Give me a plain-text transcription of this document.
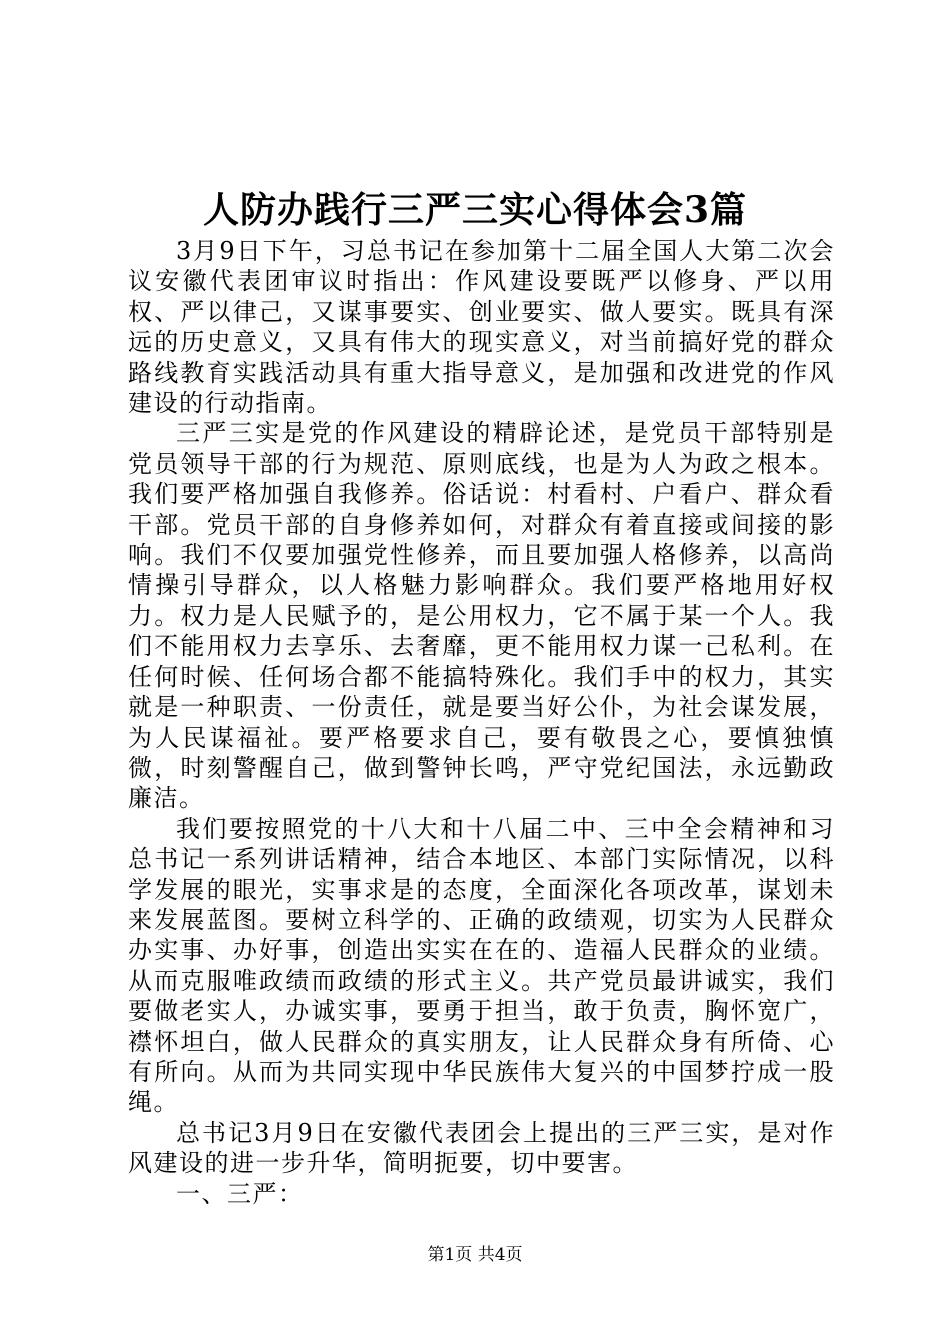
人防办践行三严三实心得体会3篇

3月9日下午，习总书记在参加第十二届全国人大第二次会议安徽代表团审议时指出：作风建设要既严以修身、严以用权、严以律己，又谋事要实、创业要实、做人要实。既具有深远的历史意义，又具有伟大的现实意义，对当前搞好党的群众路线教育实践活动具有重大指导意义，是加强和改进党的作风建设的行动指南。

三严三实是党的作风建设的精辟论述，是党员干部特别是党员领导干部的行为规范、原则底线，也是为人为政之根本。我们要严格加强自我修养。俗话说：村看村、户看户、群众看干部。党员干部的自身修养如何，对群众有着直接或间接的影响。我们不仅要加强党性修养，而且要加强人格修养，以高尚情操引导群众，以人格魅力影响群众。我们要严格地用好权力。权力是人民赋予的，是公用权力，它不属于某一个人。我们不能用权力去享乐、去奢靡，更不能用权力谋一己私利。在任何时候、任何场合都不能搞特殊化。我们手中的权力，其实就是一种职责、一份责任，就是要当好公仆，为社会谋发展，为人民谋福祉。要严格要求自己，要有敬畏之心，要慎独慎微，时刻警醒自己，做到警钟长鸣，严守党纪国法，永远勤政廉洁。

我们要按照党的十八大和十八届二中、三中全会精神和习总书记一系列讲话精神，结合本地区、本部门实际情况，以科学发展的眼光，实事求是的态度，全面深化各项改革，谋划未来发展蓝图。要树立科学的、正确的政绩观，切实为人民群众办实事、办好事，创造出实实在在的、造福人民群众的业绩。从而克服唯政绩而政绩的形式主义。共产党员最讲诚实，我们要做老实人，办诚实事，要勇于担当，敢于负责，胸怀宽广，襟怀坦白，做人民群众的真实朋友，让人民群众身有所倚、心有所向。从而为共同实现中华民族伟大复兴的中国梦拧成一股绳。

总书记3月9日在安徽代表团会上提出的三严三实，是对作风建设的进一步升华，简明扼要，切中要害。

一、三严：

第1页 共4页
